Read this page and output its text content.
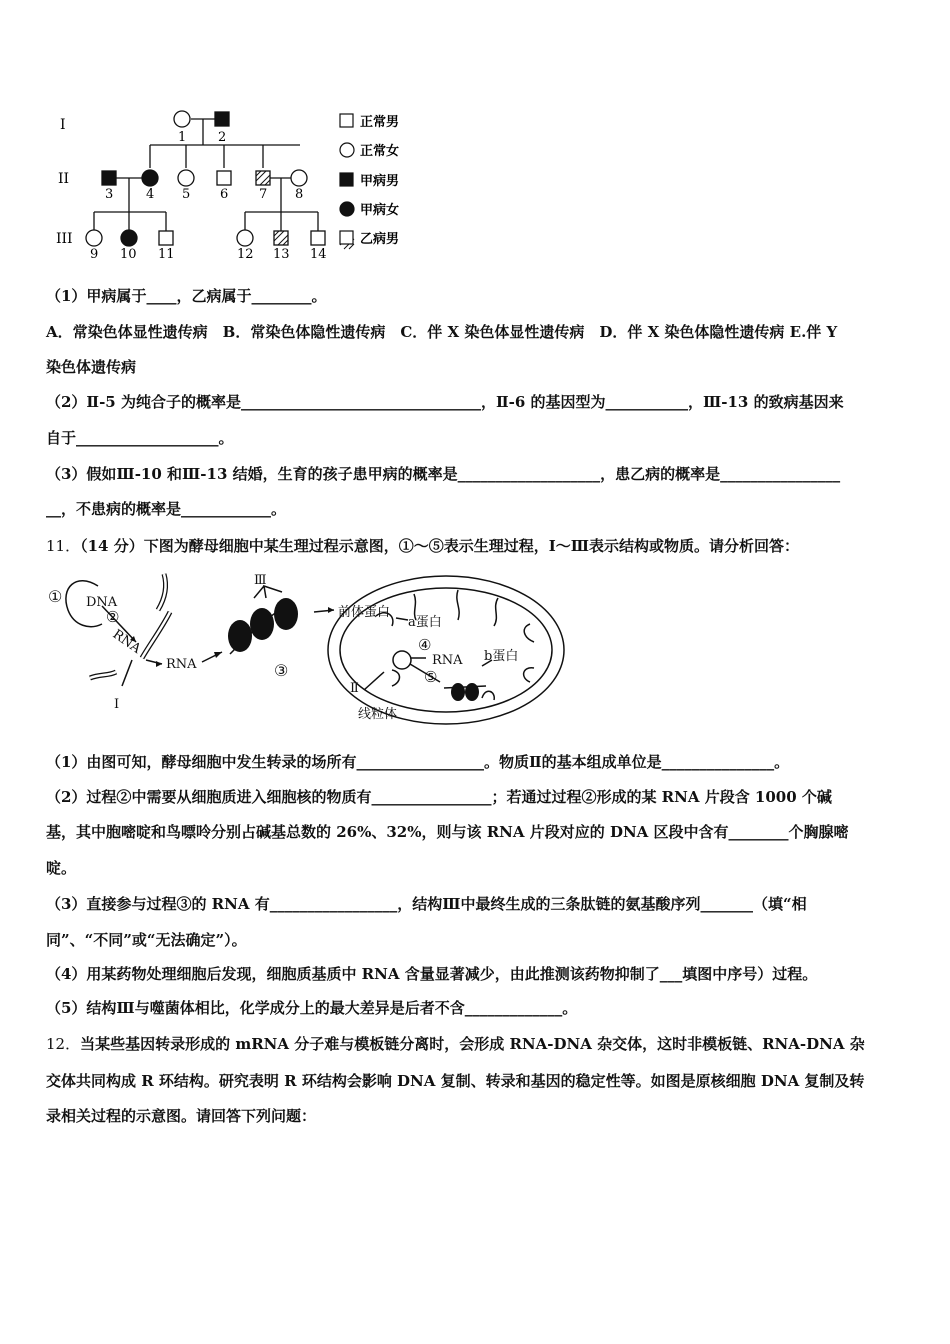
I
II
III
1 2
3	4 5 6 7 8
9 10 11	12 13 14
正常男
正常女
甲病男
甲病女
乙病男
（1）甲病属于____，乙病属于________。
A．常染色体显性遗传病　B．常染色体隐性遗传病　C．伴 X 染色体显性遗传病　D．伴 X 染色体隐性遗传病 E.伴 Y
染色体遗传病
（2）Ⅱ-5 为纯合子的概率是________________________________，Ⅱ-6 的基因型为___________，Ⅲ-13 的致病基因来
自于___________________。
（3）假如Ⅲ-10 和Ⅲ-13 结婚，生育的孩子患甲病的概率是___________________，患乙病的概率是________________
__，不患病的概率是____________。
11．（14 分）下图为酵母细胞中某生理过程示意图，①～⑤表示生理过程，Ⅰ～Ⅲ表示结构或物质。请分析回答：
① DNA
②
RNA
RNA
Ⅰ
Ⅲ
③
前体蛋白
a蛋白
④
RNA b蛋白
⑤
Ⅱ
线粒体
（1）由图可知，酵母细胞中发生转录的场所有_________________。物质Ⅱ的基本组成单位是_______________。
（2）过程②中需要从细胞质进入细胞核的物质有________________；若通过过程②形成的某 RNA 片段含 1000 个碱
基，其中胞嘧啶和鸟嘌呤分别占碱基总数的 26%、32%，则与该 RNA 片段对应的 DNA 区段中含有________个胸腺嘧
啶。
（3）直接参与过程③的 RNA 有_________________，结构Ⅲ中最终生成的三条肽链的氨基酸序列_______（填“相
同”、“不同”或“无法确定”）。
（4）用某药物处理细胞后发现，细胞质基质中 RNA 含量显著减少，由此推测该药物抑制了___填图中序号）过程。
（5）结构Ⅲ与噬菌体相比，化学成分上的最大差异是后者不含_____________。
12．当某些基因转录形成的 mRNA 分子难与模板链分离时，会形成 RNA-DNA 杂交体，这时非模板链、RNA-DNA 杂
交体共同构成 R 环结构。研究表明 R 环结构会影响 DNA 复制、转录和基因的稳定性等。如图是原核细胞 DNA 复制及转
录相关过程的示意图。请回答下列问题：
